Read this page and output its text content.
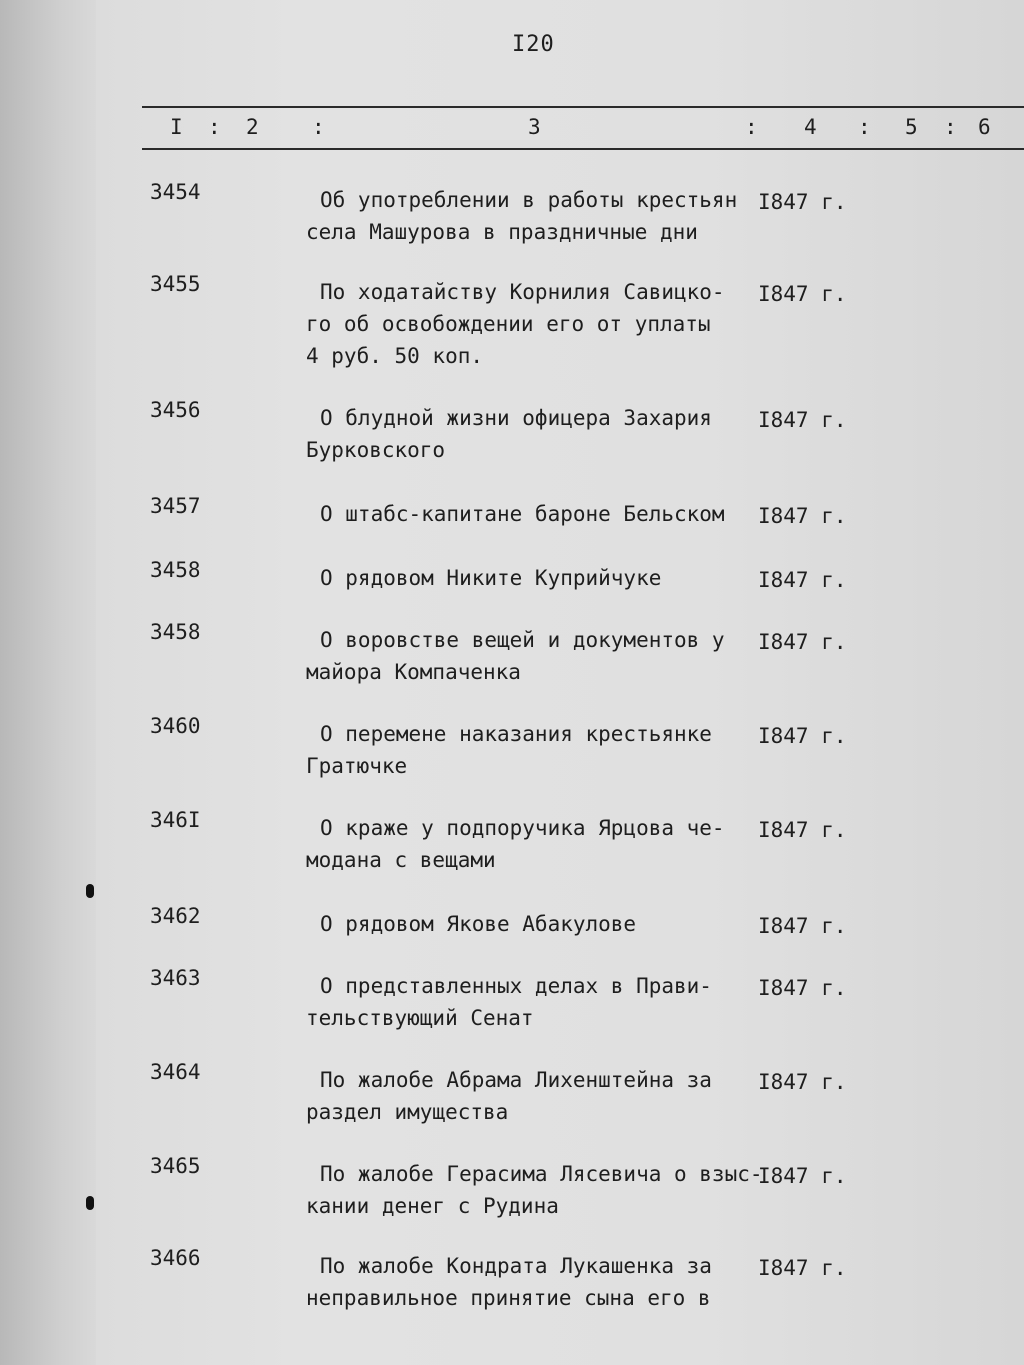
I20
I : 2	:	3	: 4 : 5 : 6
3454	Об употреблении в работы крестьян
села Машурова в праздничные дни
I847 г.
3455	По ходатайству Корнилия Савицко-
го об освобождении его от уплаты
4 руб. 50 коп.
I847 г.
3456	О блудной жизни офицера Захария
Бурковского
I847 г.
3457	О штабс-капитане бароне Бельском I847 г.
3458	О рядовом Никите Куприйчуке	I847 г.
3458	О воровстве вещей и документов у
майора Компаченка
I847 г.
3460	О перемене наказания крестьянке
Гратючке
I847 г.
346I	О краже у подпоручика Ярцова че-
модана с вещами
I847 г.
3462	О рядовом Якове Абакулове	I847 г.
3463	О представленных делах в Прави-
тельствующий Сенат
I847 г.
3464	По жалобе Абрама Лихенштейна за
раздел имущества
I847 г.
3465	По жалобе Герасима Лясевича о взыс-
кании денег с Рудина
I847 г.
3466	По жалобе Кондрата Лукашенка за
неправильное принятие сына его в
I847 г.
